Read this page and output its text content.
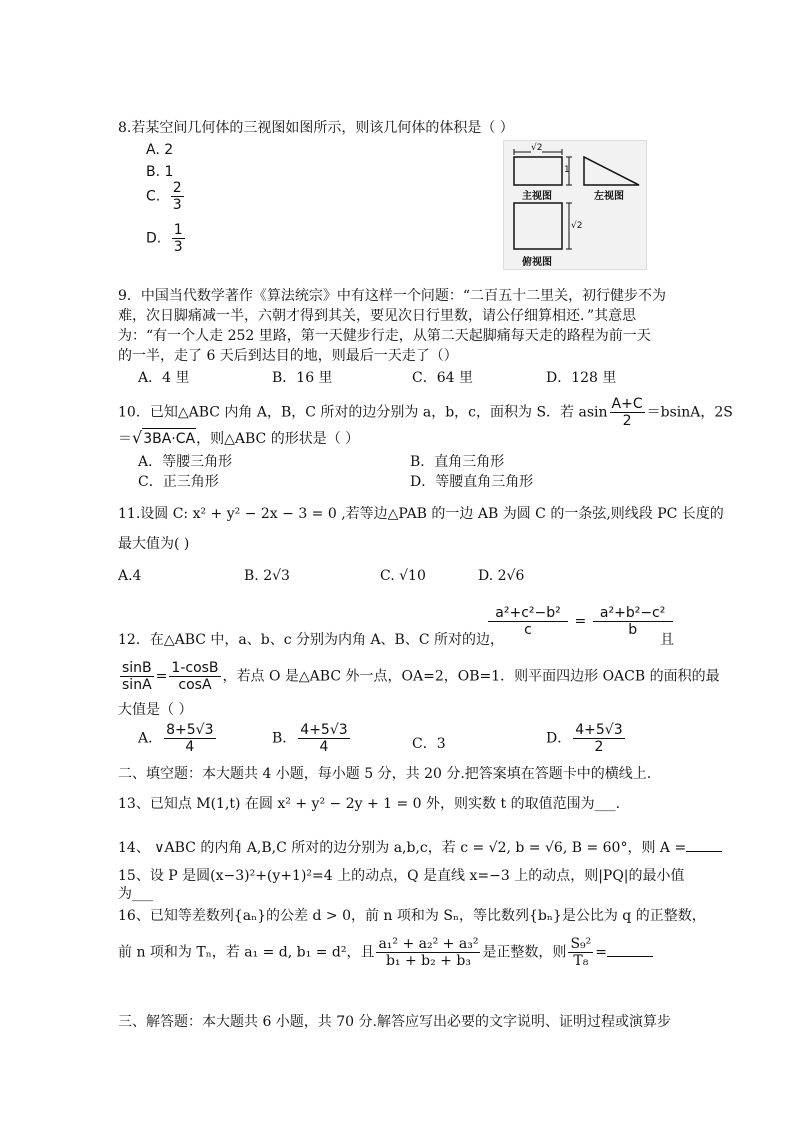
8.若某空间几何体的三视图如图所示，则该几何体的体积是（ ）
A. 2
B. 1
C. $\frac{2}{3}$
D. $\frac{1}{3}$
√2
1
√2
主视图	左视图
俯视图
9．中国当代数学著作《算法统宗》中有这样一个问题：“二百五十二里关，初行健步不为
难，次日脚痛减一半，六朝才得到其关，要见次日行里数，请公仔细算相还．”其意思
为：“有一个人走 252 里路，第一天健步行走，从第二天起脚痛每天走的路程为前一天
的一半，走了 6 天后到达目的地，则最后一天走了（）
A．4 里	B．16 里	C．64 里	D．128 里
10．已知△ABC 内角 A，B，C 所对的边分别为 a，b，c，面积为 S．若 asin $\frac{A+C}{2} =bsinA$，2S
＝√3BA·CA，则△ABC 的形状是（ ）
A．等腰三角形	B．直角三角形
C．正三角形	D．等腰直角三角形
11.设圆 C: x² + y² − 2x − 3 = 0 ,若等边△PAB 的一边 AB 为圆 C 的一条弦,则线段 PC 长度的
最大值为( )
A.4	B. 2√3	C. √10	D. 2√6
12．在△ABC 中，a、b、c 分别为内角 A、B、C 所对的边，
$\frac{\text{a²+c²−b²}}{c} = \frac{\text{a²+b²−c²}}{b}$
且
$\frac{\sin B}{\sin A} = \frac{1-\cos B}{\cos A}$ ，若点 O 是△ABC 外一点，OA=2，OB=1．则平面四边形 OACB 的面积的最
大值是（ ）
A． $\frac{8+5√3}{4}$	B． $\frac{4+5√3}{4}$	C．3	D． $\frac{4+5√3}{2}$
二、填空题：本大题共 4 小题，每小题 5 分，共 20 分.把答案填在答题卡中的横线上.
13、已知点 M(1,t) 在圆 x² + y² − 2y + 1 = 0 外，则实数 t 的取值范围为___.
14、 ∨ABC 的内角 A,B,C 所对的边分别为 a,b,c，若 c = √2, b = √6, B = 60°，则 A =
15、设 P 是圆(x−3)²+(y+1)²=4 上的动点，Q 是直线 x=−3 上的动点，则|PQ|的最小值
为___
16、已知等差数列{aₙ}的公差 d > 0，前 n 项和为 Sₙ，等比数列{bₙ}是公比为 q 的正整数，
前 n 项和为 Tₙ，若 a₁ = d, b₁ = d²，且 $\frac{\text{a₁² + a₂² + a₃²}}{\text{b₁ + b₂ + b₃}}$ 是正整数，则 $\frac{\text{S₉²}}{\text{T₈}}$ =
三、解答题：本大题共 6 小题，共 70 分.解答应写出必要的文字说明、证明过程或演算步
